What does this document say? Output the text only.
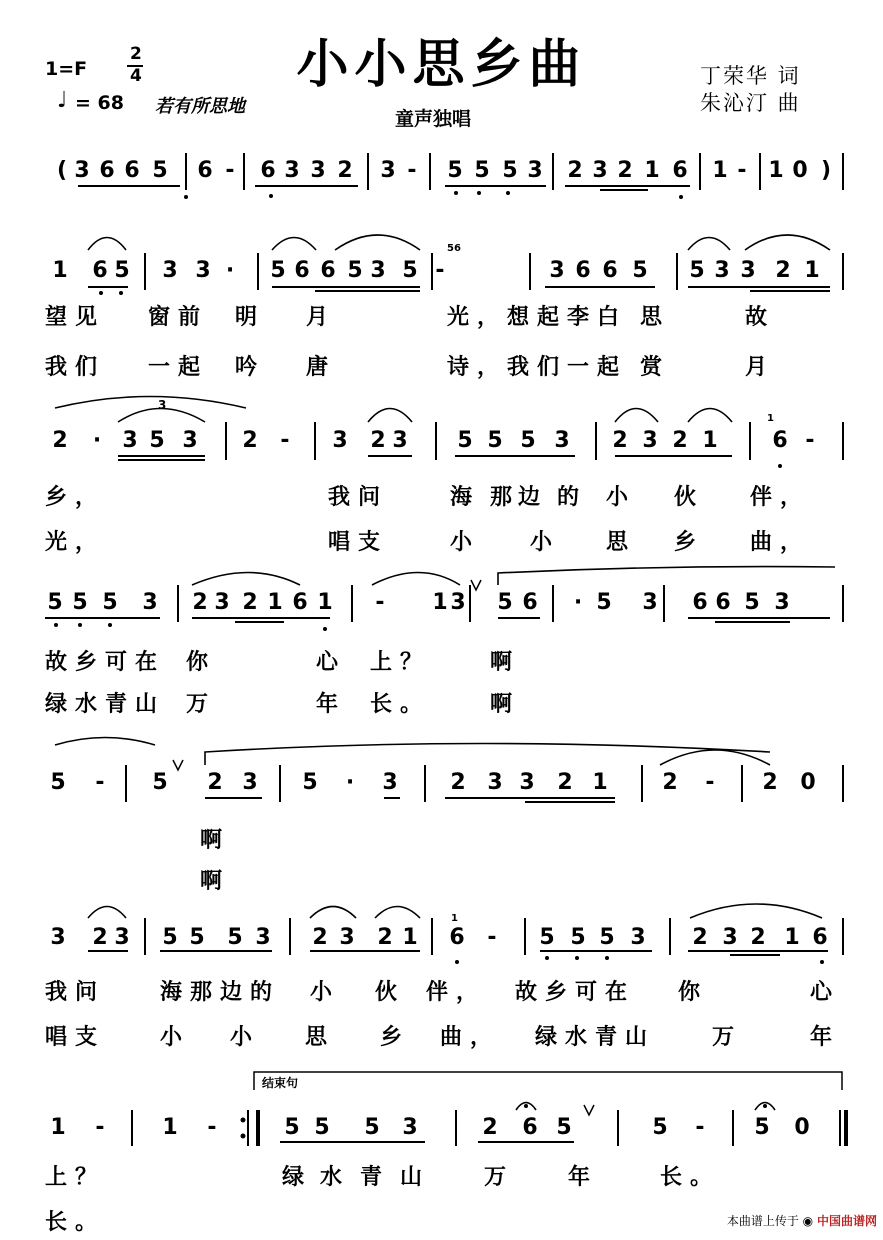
小小思乡曲
1=F
2
4
♩ = 68 若有所思地
童声独唱
丁荣华 词
朱沁汀 曲
3
56
1
1
结束句
( 3 6 6 5 6 - 6 3 3 2 3 - 5 5 5 3 2 3 2 1 6 1 - 1 0 )
1 6 5 3 3 · 5 6 6 5 3 5 -	3 6 6 5 5 3 3 2 1
望见 窗前 明 月	光，想起李白 思	故
我们 一起 吟 唐	诗，我们一起 赏	月
2 · 3 5 3 2 - 3 2 3 5 5 5 3 2 3 2 1 6 -
乡，	我问	海 那
边 的 小 伙 伴，
光，	唱支	小 小 思 乡 曲，
5 5 5 3 2 3 2 1 6 1 - 1 3 5 6 · 5 3 6 6 5 3
故乡可在 你	心 上？	啊
绿水青山 万	年 长。	啊
5 - 5 2 3 5 · 3 2 3 3 2 1 2 - 2 0
啊
啊
3 2 3 5 5 5 3 2 3 2 1 6 - 5 5 5 3 2 3 2 1 6
我问 海那边的 小 伙 伴， 故乡可在 你	心
唱支 小 小 思 乡 曲， 绿水青山	万	年
1 -	1 -	5 5 5 3	2 6 5	5 - 5 0
上？	绿 水 青 山 万 年	长。
长。	本曲谱上传于 ◉ 中国曲谱网
